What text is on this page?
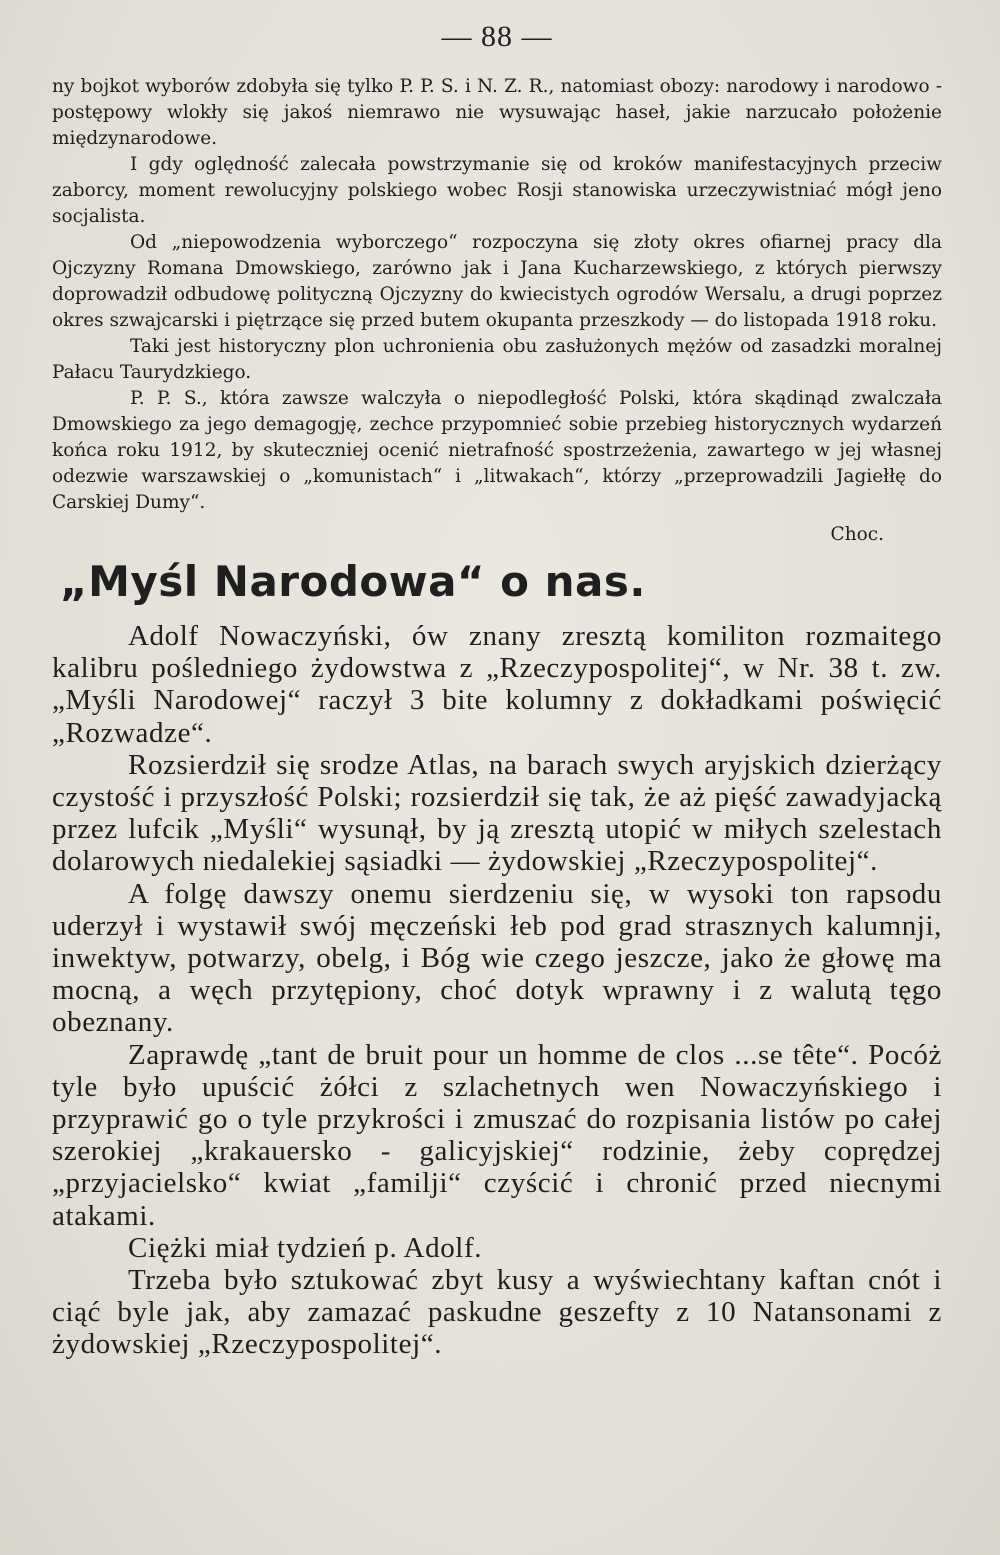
— 88 —

ny bojkot wyborów zdobyła się tylko P. P. S. i N. Z. R., natomiast obozy: narodowy i narodowo - postępowy wlokły się jakoś niemrawo nie wysuwając haseł, jakie narzucało położenie międzynarodowe.

I gdy oględność zalecała powstrzymanie się od kroków manifestacyjnych przeciw zaborcy, moment rewolucyjny polskiego wobec Rosji stanowiska urzeczywistniać mógł jeno socjalista.

Od „niepowodzenia wyborczego“ rozpoczyna się złoty okres ofiarnej pracy dla Ojczyzny Romana Dmowskiego, zarówno jak i Jana Kucharzewskiego, z których pierwszy doprowadził odbudowę polityczną Ojczyzny do kwiecistych ogrodów Wersalu, a drugi poprzez okres szwajcarski i piętrzące się przed butem okupanta przeszkody — do listopada 1918 roku.

Taki jest historyczny plon uchronienia obu zasłużonych mężów od zasadzki moralnej Pałacu Taurydzkiego.

P. P. S., która zawsze walczyła o niepodległość Polski, która skądinąd zwalczała Dmowskiego za jego demagogję, zechce przypomnieć sobie przebieg historycznych wydarzeń końca roku 1912, by skuteczniej ocenić nietrafność spostrzeżenia, zawartego w jej własnej odezwie warszawskiej o „komunistach“ i „litwakach“, którzy „przeprowadzili Jagiełłę do Carskiej Dumy“.

Choc.
„Myśl Narodowa“ o nas.

Adolf Nowaczyński, ów znany zresztą komiliton rozmaitego kalibru pośledniego żydowstwa z „Rzeczypospolitej“, w Nr. 38 t. zw. „Myśli Narodowej“ raczył 3 bite kolumny z dokładkami poświęcić „Rozwadze“.

Rozsierdził się srodze Atlas, na barach swych aryjskich dzierżący czystość i przyszłość Polski; rozsierdził się tak, że aż pięść zawadyjacką przez lufcik „Myśli“ wysunął, by ją zresztą utopić w miłych szelestach dolarowych niedalekiej sąsiadki — żydowskiej „Rzeczypospolitej“.

A folgę dawszy onemu sierdzeniu się, w wysoki ton rapsodu uderzył i wystawił swój męczeński łeb pod grad strasznych kalumnji, inwektyw, potwarzy, obelg, i Bóg wie czego jeszcze, jako że głowę ma mocną, a węch przytępiony, choć dotyk wprawny i z walutą tęgo obeznany.

Zaprawdę „tant de bruit pour un homme de clos ...se tête“. Pocóż tyle było upuścić żółci z szlachetnych wen Nowaczyńskiego i przyprawić go o tyle przykrości i zmuszać do rozpisania listów po całej szerokiej „krakauersko - galicyjskiej“ rodzinie, żeby coprędzej „przyjacielsko“ kwiat „familji“ czyścić i chronić przed niecnymi atakami.

Ciężki miał tydzień p. Adolf.

Trzeba było sztukować zbyt kusy a wyświechtany kaftan cnót i ciąć byle jak, aby zamazać paskudne geszefty z 10 Natansonami z żydowskiej „Rzeczypospolitej“.
